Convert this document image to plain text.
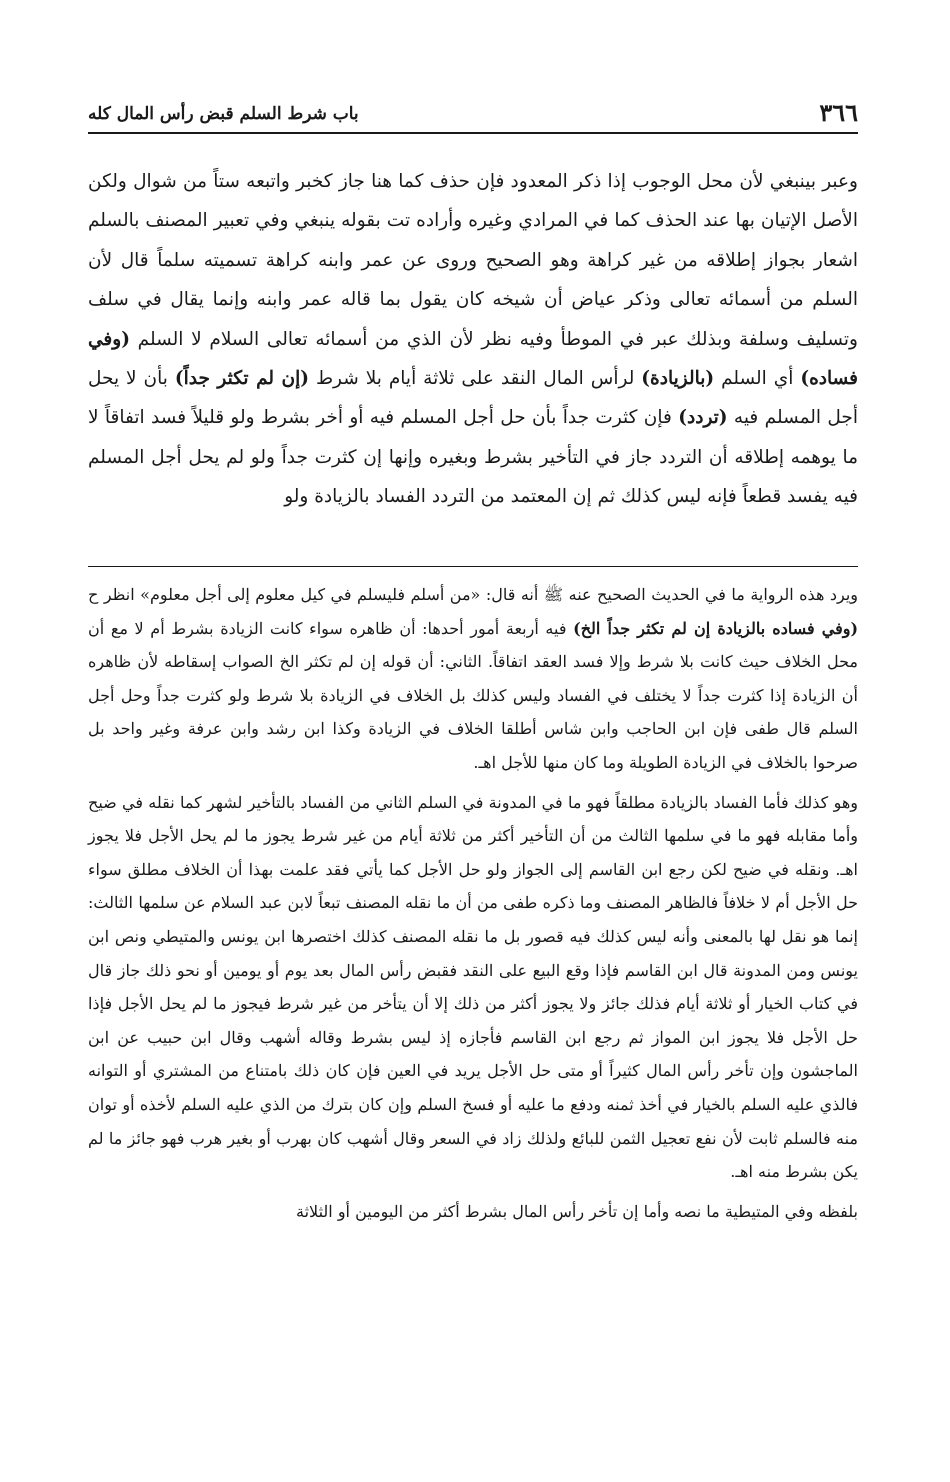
٣٦٦
باب شرط السلم قبض رأس المال كله

وعبر بينبغي لأن محل الوجوب إذا ذكر المعدود فإن حذف كما هنا جاز كخبر واتبعه ستاً من شوال ولكن الأصل الإتيان بها عند الحذف كما في المرادي وغيره وأراده تت بقوله ينبغي وفي تعبير المصنف بالسلم اشعار بجواز إطلاقه من غير كراهة وهو الصحيح وروى عن عمر وابنه كراهة تسميته سلماً قال لأن السلم من أسمائه تعالى وذكر عياض أن شيخه كان يقول بما قاله عمر وابنه وإنما يقال في سلف وتسليف وسلفة وبذلك عبر في الموطأ وفيه نظر لأن الذي من أسمائه تعالى السلام لا السلم (وفي فساده) أي السلم (بالزيادة) لرأس المال النقد على ثلاثة أيام بلا شرط (إن لم تكثر جداً) بأن لا يحل أجل المسلم فيه (تردد) فإن كثرت جداً بأن حل أجل المسلم فيه أو أخر بشرط ولو قليلاً فسد اتفاقاً لا ما يوهمه إطلاقه أن التردد جاز في التأخير بشرط وبغيره وإنها إن كثرت جداً ولو لم يحل أجل المسلم فيه يفسد قطعاً فإنه ليس كذلك ثم إن المعتمد من التردد الفساد بالزيادة ولو

ويرد هذه الرواية ما في الحديث الصحيح عنه ﷺ أنه قال: «من أسلم فليسلم في كيل معلوم إلى أجل معلوم» انظر ح (وفي فساده بالزيادة إن لم تكثر جداً الخ) فيه أربعة أمور أحدها: أن ظاهره سواء كانت الزيادة بشرط أم لا مع أن محل الخلاف حيث كانت بلا شرط وإلا فسد العقد اتفاقاً. الثاني: أن قوله إن لم تكثر الخ الصواب إسقاطه لأن ظاهره أن الزيادة إذا كثرت جداً لا يختلف في الفساد وليس كذلك بل الخلاف في الزيادة بلا شرط ولو كثرت جداً وحل أجل السلم قال طفى فإن ابن الحاجب وابن شاس أطلقا الخلاف في الزيادة وكذا ابن رشد وابن عرفة وغير واحد بل صرحوا بالخلاف في الزيادة الطويلة وما كان منها للأجل اهـ.

وهو كذلك فأما الفساد بالزيادة مطلقاً فهو ما في المدونة في السلم الثاني من الفساد بالتأخير لشهر كما نقله في ضيح وأما مقابله فهو ما في سلمها الثالث من أن التأخير أكثر من ثلاثة أيام من غير شرط يجوز ما لم يحل الأجل فلا يجوز اهـ. ونقله في ضيح لكن رجع ابن القاسم إلى الجواز ولو حل الأجل كما يأتي فقد علمت بهذا أن الخلاف مطلق سواء حل الأجل أم لا خلافاً فالظاهر المصنف وما ذكره طفى من أن ما نقله المصنف تبعاً لابن عبد السلام عن سلمها الثالث: إنما هو نقل لها بالمعنى وأنه ليس كذلك فيه قصور بل ما نقله المصنف كذلك اختصرها ابن يونس والمتيطي ونص ابن يونس ومن المدونة قال ابن القاسم فإذا وقع البيع على النقد فقبض رأس المال بعد يوم أو يومين أو نحو ذلك جاز قال في كتاب الخيار أو ثلاثة أيام فذلك جائز ولا يجوز أكثر من ذلك إلا أن يتأخر من غير شرط فيجوز ما لم يحل الأجل فإذا حل الأجل فلا يجوز ابن المواز ثم رجع ابن القاسم فأجازه إذ ليس بشرط وقاله أشهب وقال ابن حبيب عن ابن الماجشون وإن تأخر رأس المال كثيراً أو متى حل الأجل يريد في العين فإن كان ذلك بامتناع من المشتري أو التوانه فالذي عليه السلم بالخيار في أخذ ثمنه ودفع ما عليه أو فسخ السلم وإن كان بترك من الذي عليه السلم لأخذه أو توان منه فالسلم ثابت لأن نفع تعجيل الثمن للبائع ولذلك زاد في السعر وقال أشهب كان بهرب أو بغير هرب فهو جائز ما لم يكن بشرط منه اهـ.

بلفظه وفي المتيطية ما نصه وأما إن تأخر رأس المال بشرط أكثر من اليومين أو الثلاثة
